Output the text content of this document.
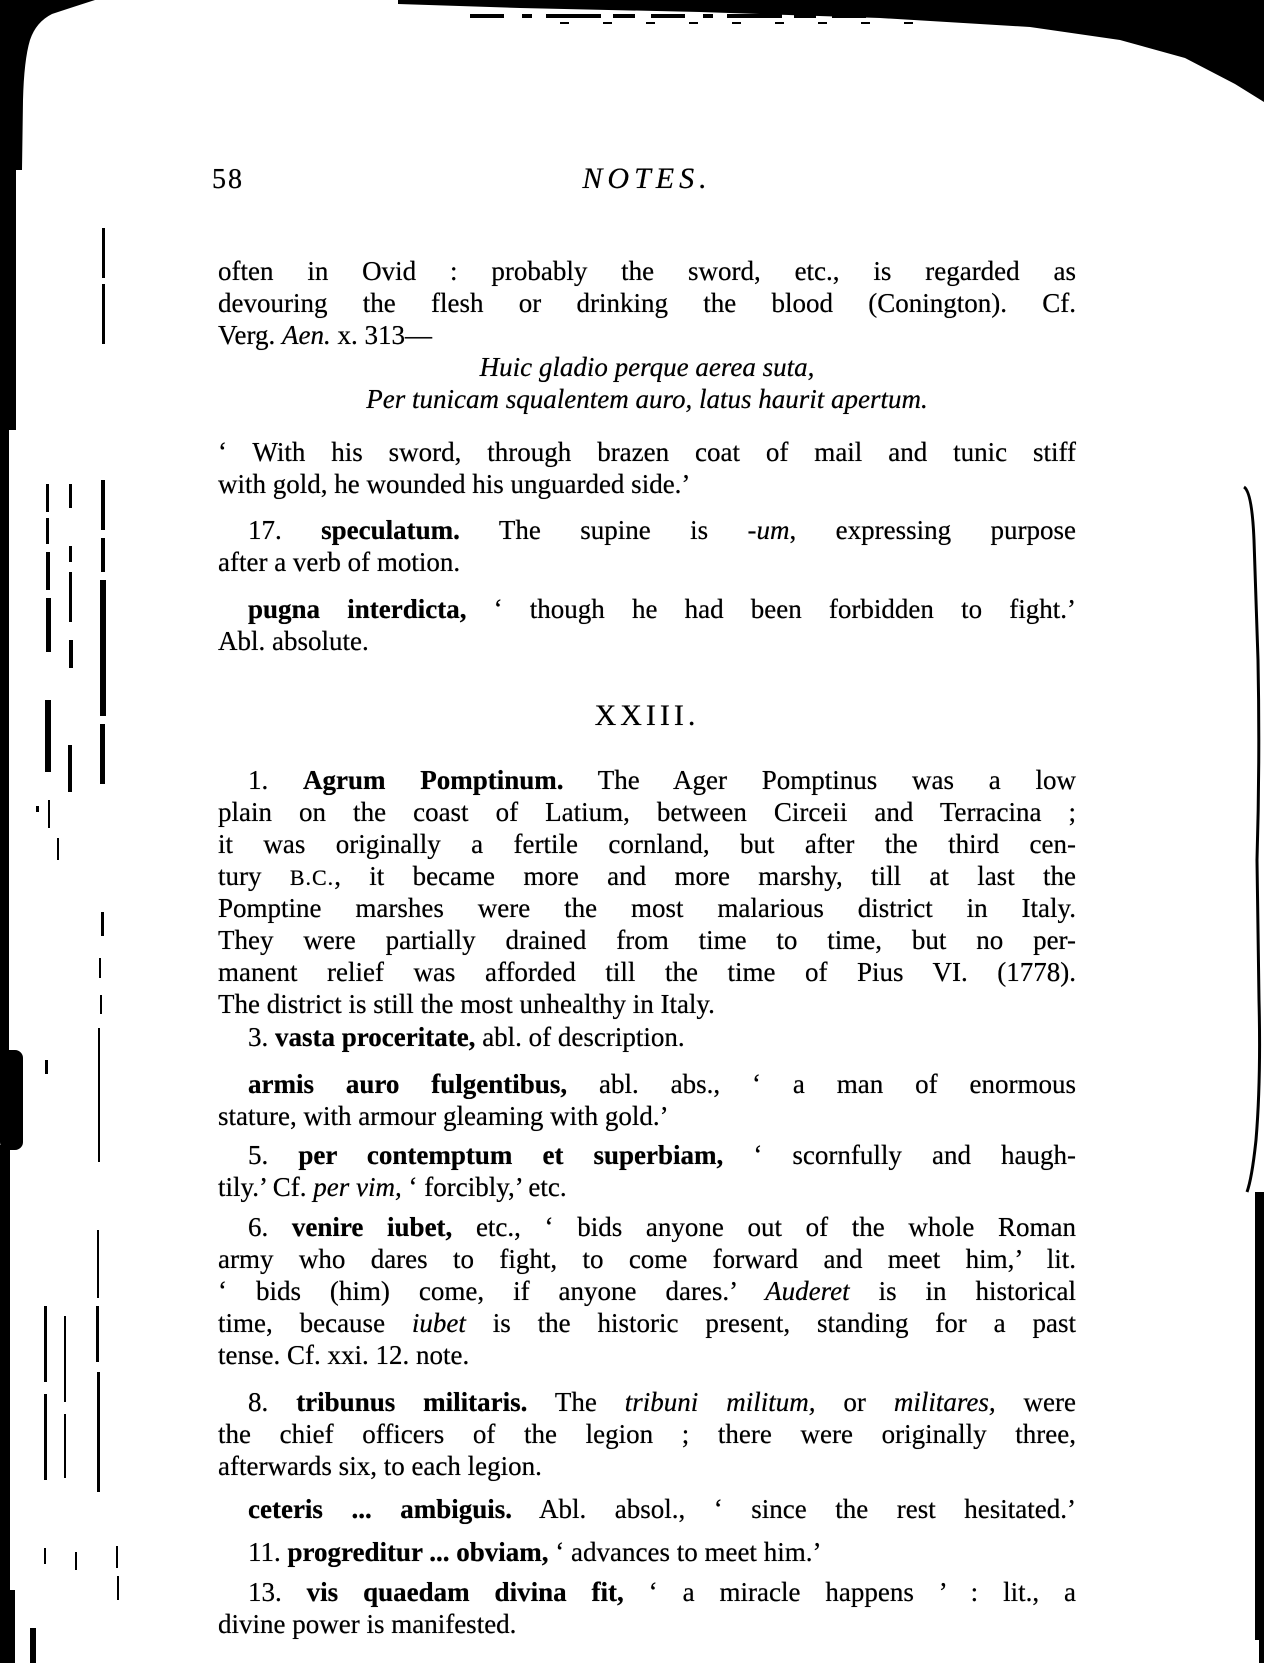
58	NOTES.
often in Ovid : probably the sword, etc., is regarded as
devouring the flesh or drinking the blood (Conington). Cf.
Verg. Aen. x. 313—
Huic gladio perque aerea suta,
Per tunicam squalentem auro, latus haurit apertum.
‘ With his sword, through brazen coat of mail and tunic stiff
with gold, he wounded his unguarded side.’
17. speculatum. The supine is -um, expressing purpose
after a verb of motion.
pugna interdicta, ‘ though he had been forbidden to fight.’
Abl. absolute.
XXIII.
1. Agrum Pomptinum. The Ager Pomptinus was a low
plain on the coast of Latium, between Circeii and Terracina ;
it was originally a fertile cornland, but after the third cen-
tury B.C., it became more and more marshy, till at last the
Pomptine marshes were the most malarious district in Italy.
They were partially drained from time to time, but no per-
manent relief was afforded till the time of Pius VI. (1778).
The district is still the most unhealthy in Italy.
3. vasta proceritate, abl. of description.
armis auro fulgentibus, abl. abs., ‘ a man of enormous
stature, with armour gleaming with gold.’
5. per contemptum et superbiam, ‘ scornfully and haugh-
tily.’ Cf. per vim, ‘ forcibly,’ etc.
6. venire iubet, etc., ‘ bids anyone out of the whole Roman
army who dares to fight, to come forward and meet him,’ lit.
‘ bids (him) come, if anyone dares.’ Auderet is in historical
time, because iubet is the historic present, standing for a past
tense. Cf. xxi. 12. note.
8. tribunus militaris. The tribuni militum, or militares, were
the chief officers of the legion ; there were originally three,
afterwards six, to each legion.
ceteris ... ambiguis. Abl. absol., ‘ since the rest hesitated.’
11. progreditur ... obviam, ‘ advances to meet him.’
13. vis quaedam divina fit, ‘ a miracle happens ’ : lit., a
divine power is manifested.
